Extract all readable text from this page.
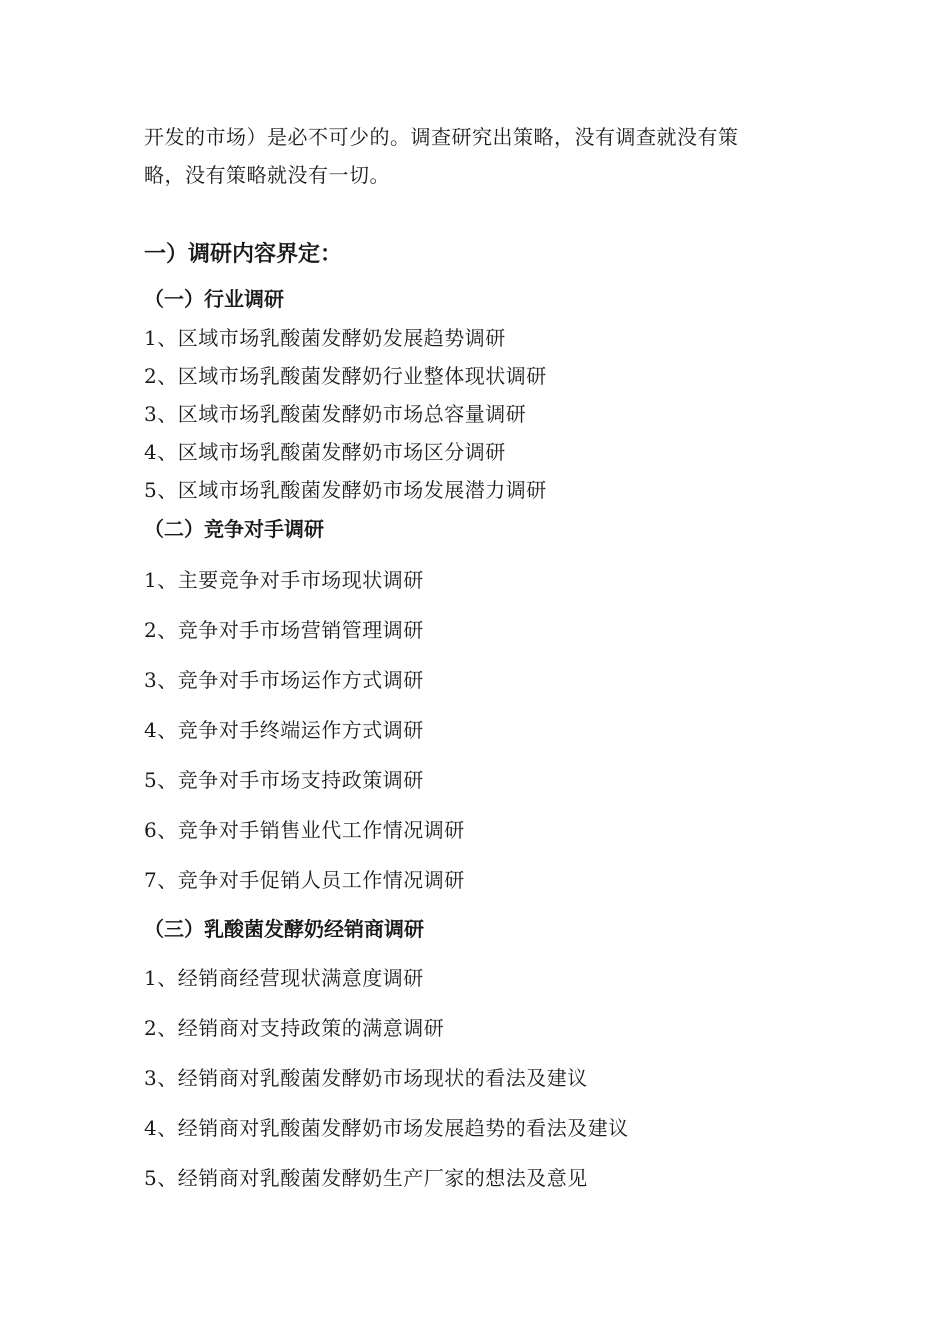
开发的市场）是必不可少的。调查研究出策略，没有调查就没有策
略，没有策略就没有一切。
一）调研内容界定：
（一）行业调研
1、区域市场乳酸菌发酵奶发展趋势调研
2、区域市场乳酸菌发酵奶行业整体现状调研
3、区域市场乳酸菌发酵奶市场总容量调研
4、区域市场乳酸菌发酵奶市场区分调研
5、区域市场乳酸菌发酵奶市场发展潜力调研
（二）竞争对手调研
1、主要竞争对手市场现状调研
2、竞争对手市场营销管理调研
3、竞争对手市场运作方式调研
4、竞争对手终端运作方式调研
5、竞争对手市场支持政策调研
6、竞争对手销售业代工作情况调研
7、竞争对手促销人员工作情况调研
（三）乳酸菌发酵奶经销商调研
1、经销商经营现状满意度调研
2、经销商对支持政策的满意调研
3、经销商对乳酸菌发酵奶市场现状的看法及建议
4、经销商对乳酸菌发酵奶市场发展趋势的看法及建议
5、经销商对乳酸菌发酵奶生产厂家的想法及意见
